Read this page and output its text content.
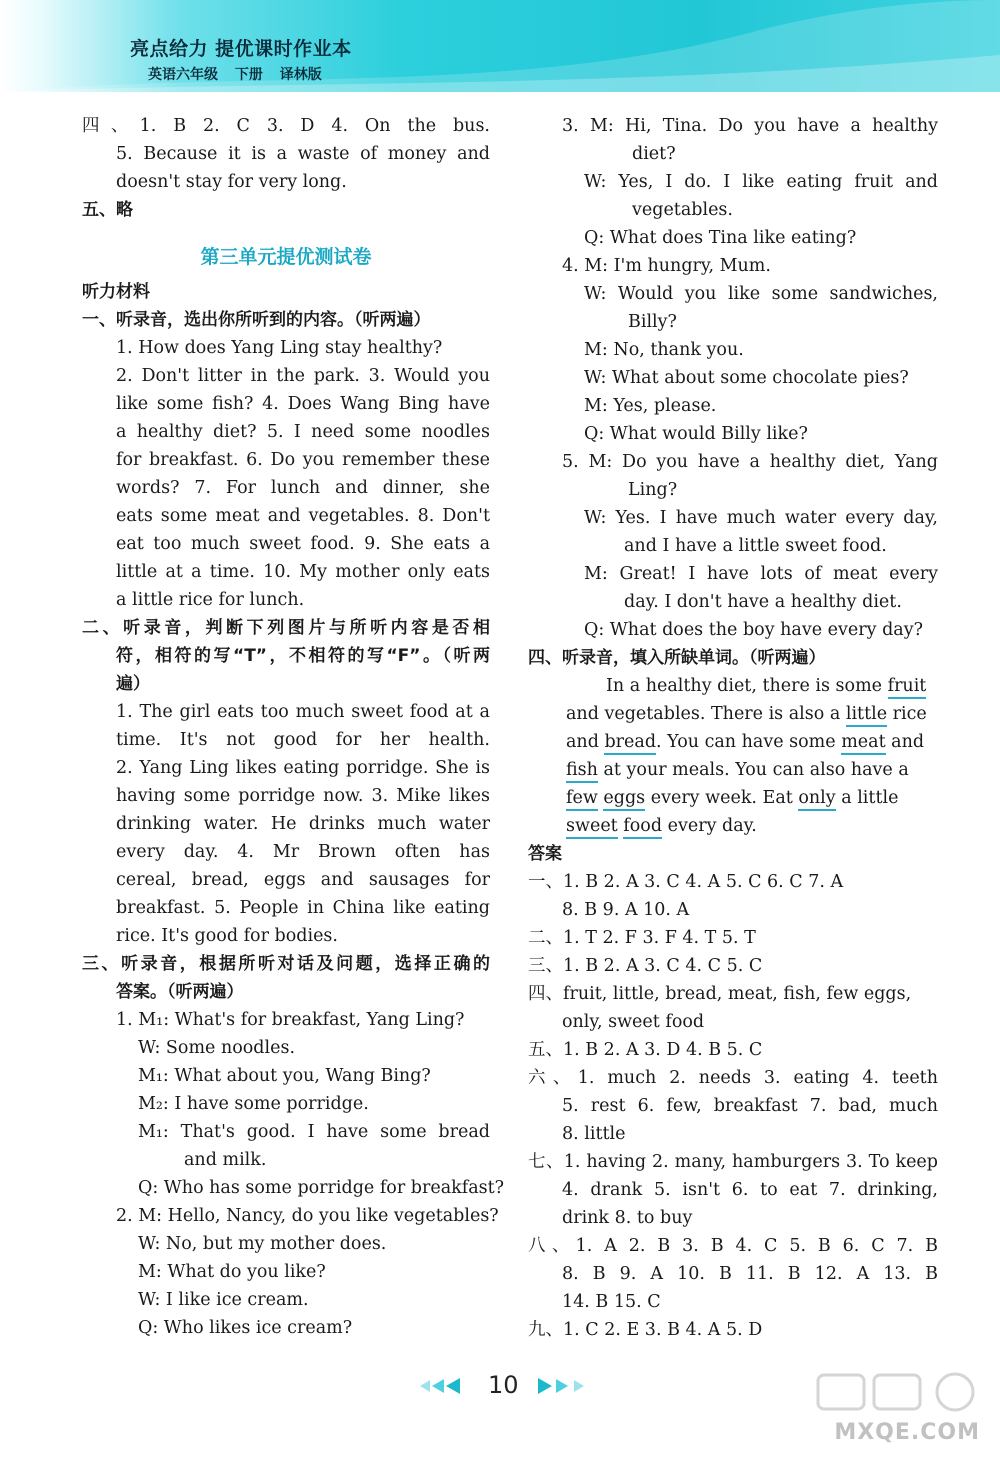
亮点给力 提优课时作业本
英语六年级 下册 译林版
四、1. B 2. C 3. D 4. On the bus.
5. Because it is a waste of money and
doesn't stay for very long.
五、略
第三单元提优测试卷
听力材料
一、听录音，选出你所听到的内容。（听两遍）
1. How does Yang Ling stay healthy?
2. Don't litter in the park. 3. Would you
like some fish? 4. Does Wang Bing have
a healthy diet? 5. I need some noodles
for breakfast. 6. Do you remember these
words? 7. For lunch and dinner, she
eats some meat and vegetables. 8. Don't
eat too much sweet food. 9. She eats a
little at a time. 10. My mother only eats
a little rice for lunch.
二、听录音，判断下列图片与所听内容是否相
符，相符的写“T”，不相符的写“F”。（听两
遍）
1. The girl eats too much sweet food at a
time. It's not good for her health.
2. Yang Ling likes eating porridge. She is
having some porridge now. 3. Mike likes
drinking water. He drinks much water
every day. 4. Mr Brown often has
cereal, bread, eggs and sausages for
breakfast. 5. People in China like eating
rice. It's good for bodies.
三、听录音，根据所听对话及问题，选择正确的
答案。（听两遍）
1. M₁: What's for breakfast, Yang Ling?
W: Some noodles.
M₁: What about you, Wang Bing?
M₂: I have some porridge.
M₁: That's good. I have some bread
and milk.
Q: Who has some porridge for breakfast?
2. M: Hello, Nancy, do you like vegetables?
W: No, but my mother does.
M: What do you like?
W: I like ice cream.
Q: Who likes ice cream?
3. M: Hi, Tina. Do you have a healthy
diet?
W: Yes, I do. I like eating fruit and
vegetables.
Q: What does Tina like eating?
4. M: I'm hungry, Mum.
W: Would you like some sandwiches,
Billy?
M: No, thank you.
W: What about some chocolate pies?
M: Yes, please.
Q: What would Billy like?
5. M: Do you have a healthy diet, Yang
Ling?
W: Yes. I have much water every day,
and I have a little sweet food.
M: Great! I have lots of meat every
day. I don't have a healthy diet.
Q: What does the boy have every day?
四、听录音，填入所缺单词。（听两遍）
In a healthy diet, there is some fruit
and vegetables. There is also a little rice
and bread. You can have some meat and
fish at your meals. You can also have a
few eggs every week. Eat only a little
sweet food every day.
答案
一、1. B 2. A 3. C 4. A 5. C 6. C 7. A
8. B 9. A 10. A
二、1. T 2. F 3. F 4. T 5. T
三、1. B 2. A 3. C 4. C 5. C
四、fruit, little, bread, meat, fish, few eggs,
only, sweet food
五、1. B 2. A 3. D 4. B 5. C
六、1. much 2. needs 3. eating 4. teeth
5. rest 6. few, breakfast 7. bad, much
8. little
七、1. having 2. many, hamburgers 3. To keep
4. drank 5. isn't 6. to eat 7. drinking,
drink 8. to buy
八、1. A 2. B 3. B 4. C 5. B 6. C 7. B
8. B 9. A 10. B 11. B 12. A 13. B
14. B 15. C
九、1. C 2. E 3. B 4. A 5. D
10
MXQE.COM
